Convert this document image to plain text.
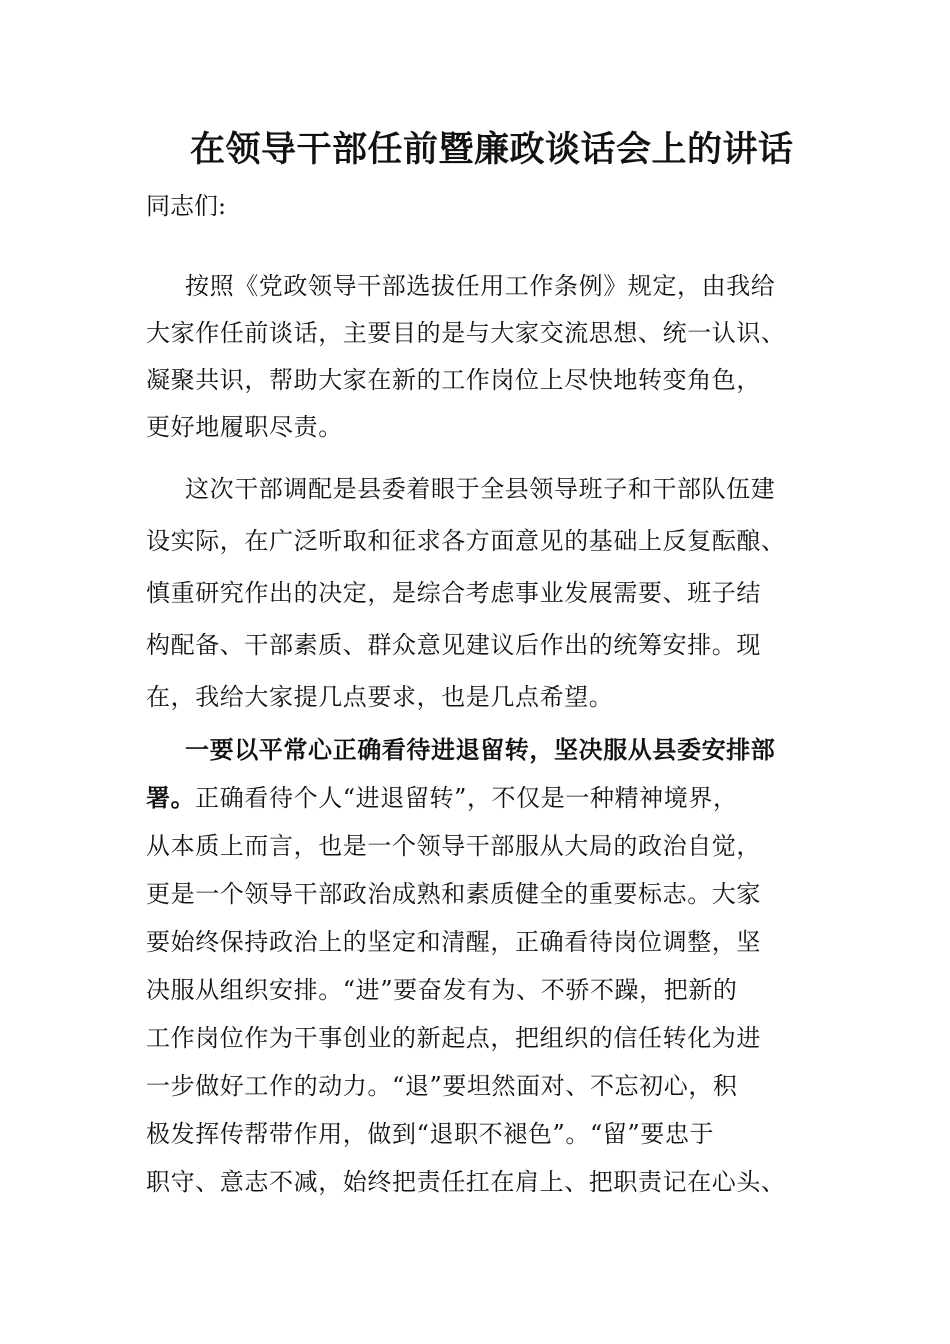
在领导干部任前暨廉政谈话会上的讲话
同志们:
按照《党政领导干部选拔任用工作条例》规定，由我给
大家作任前谈话，主要目的是与大家交流思想、统一认识、
凝聚共识，帮助大家在新的工作岗位上尽快地转变角色，
更好地履职尽责。
这次干部调配是县委着眼于全县领导班子和干部队伍建
设实际，在广泛听取和征求各方面意见的基础上反复酝酿、
慎重研究作出的决定，是综合考虑事业发展需要、班子结
构配备、干部素质、群众意见建议后作出的统筹安排。现
在，我给大家提几点要求，也是几点希望。
一要以平常心正确看待进退留转，坚决服从县委安排部
署。正确看待个人“进退留转”，不仅是一种精神境界，
从本质上而言，也是一个领导干部服从大局的政治自觉，
更是一个领导干部政治成熟和素质健全的重要标志。大家
要始终保持政治上的坚定和清醒，正确看待岗位调整，坚
决服从组织安排。“进”要奋发有为、不骄不躁，把新的
工作岗位作为干事创业的新起点，把组织的信任转化为进
一步做好工作的动力。“退”要坦然面对、不忘初心，积
极发挥传帮带作用，做到“退职不褪色”。“留”要忠于
职守、意志不减，始终把责任扛在肩上、把职责记在心头、
